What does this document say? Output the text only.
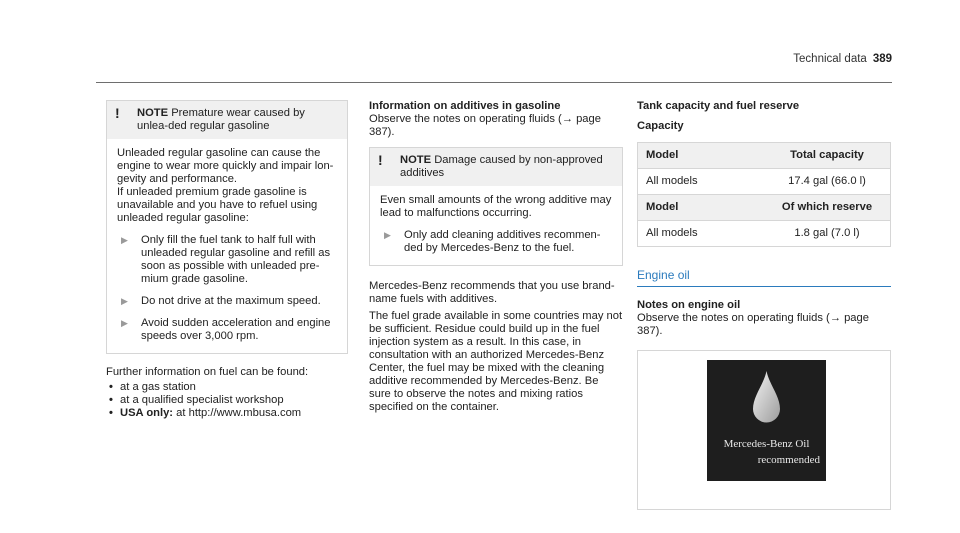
Technical data 389
!	NOTE Premature wear caused by unlea-ded regular gasoline

Unleaded regular gasoline can cause the engine to wear more quickly and impair lon-gevity and performance.

If unleaded premium grade gasoline is unavailable and you have to refuel using unleaded regular gasoline:

▶
Only fill the fuel tank to half full with unleaded regular gasoline and refill as soon as possible with unleaded pre-mium grade gasoline.
▶
Do not drive at the maximum speed.
▶
Avoid sudden acceleration and engine speeds over 3,000 rpm.
Further information on fuel can be found:
•
at a gas station
•
at a qualified specialist workshop
•
USA only: at http://www.mbusa.com
Information on additives in gasoline
Observe the notes on operating fluids (→ page 387).
!	NOTE Damage caused by non-approved additives

Even small amounts of the wrong additive may lead to malfunctions occurring.

▶
Only add cleaning additives recommen-ded by Mercedes-Benz to the fuel.

Mercedes-Benz recommends that you use brand-name fuels with additives.

The fuel grade available in some countries may not be sufficient. Residue could build up in the fuel injection system as a result. In this case, in consultation with an authorized Mercedes-Benz Center, the fuel may be mixed with the cleaning additive recommended by Mercedes-Benz. Be sure to observe the notes and mixing ratios specified on the container.

Tank capacity and fuel reserve
Capacity
Model	Total capacity
All models	17.4 gal (66.0 l)
Model	Of which reserve
All models	1.8 gal (7.0 l)
Engine oil
Notes on engine oil
Observe the notes on operating fluids (→ page 387).
Mercedes-Benz Oil
recommended
